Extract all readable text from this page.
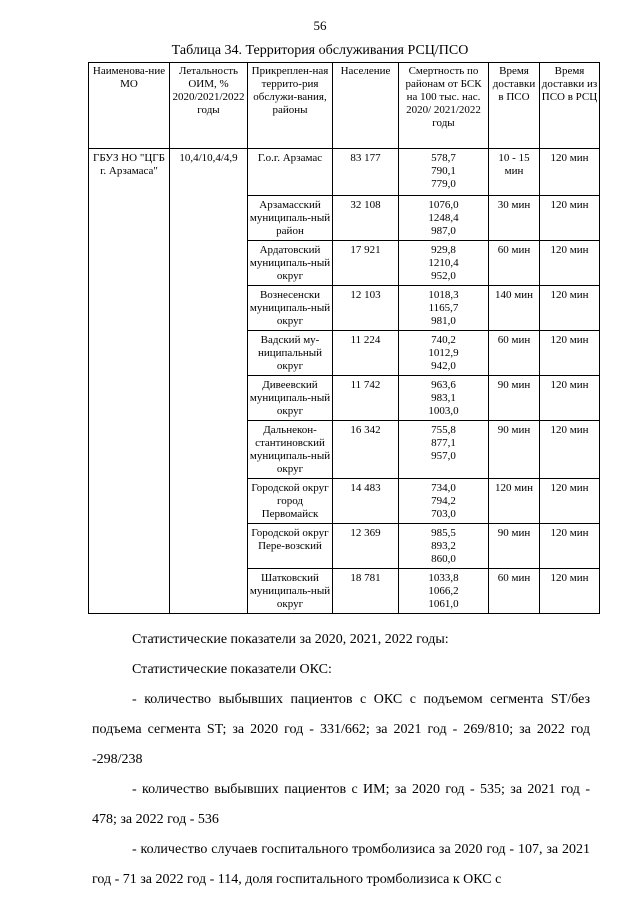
56
Таблица 34. Территория обслуживания РСЦ/ПСО
Наименова-ние МО	Летальность ОИМ, % 2020/2021/2022 годы	Прикреплен-ная террито-рия обслужи-вания, районы	Население	Смертность по районам от БСК на 100 тыс. нас. 2020/ 2021/2022 годы	Время доставки в ПСО	Время доставки из ПСО в РСЦ
ГБУЗ НО "ЦГБ г. Арзамаса"	10,4/10,4/4,9	Г.о.г. Арзамас	83 177	578,7
790,1
779,0	10 - 15 мин	120 мин
		Арзамасский муниципаль-ный район	32 108	1076,0
1248,4
987,0	30 мин	120 мин
		Ардатовский муниципаль-ный округ	17 921	929,8
1210,4
952,0	60 мин	120 мин
		Вознесенски муниципаль-ный округ	12 103	1018,3
1165,7
981,0	140 мин	120 мин
		Вадский му-ниципальный округ	11 224	740,2
1012,9
942,0	60 мин	120 мин
		Дивеевский муниципаль-ный округ	11 742	963,6
983,1
1003,0	90 мин	120 мин
		Дальнекон-стантиновский муниципаль-ный округ	16 342	755,8
877,1
957,0	90 мин	120 мин
		Городской округ город Первомайск	14 483	734,0
794,2
703,0	120 мин	120 мин
		Городской округ Пере-возский	12 369	985,5
893,2
860,0	90 мин	120 мин
		Шатковский муниципаль-ный округ	18 781	1033,8
1066,2
1061,0	60 мин	120 мин

Статистические показатели за 2020, 2021, 2022 годы:

Статистические показатели ОКС:

- количество выбывших пациентов с ОКС с подъемом сегмента ST/без подъема сегмента ST; за 2020 год - 331/662; за 2021 год - 269/810; за 2022 год -298/238

- количество выбывших пациентов с ИМ; за 2020 год - 535; за 2021 год - 478; за 2022 год - 536

- количество случаев госпитального тромболизиса за 2020 год - 107, за 2021 год - 71 за 2022 год - 114, доля госпитального тромболизиса к ОКС с
